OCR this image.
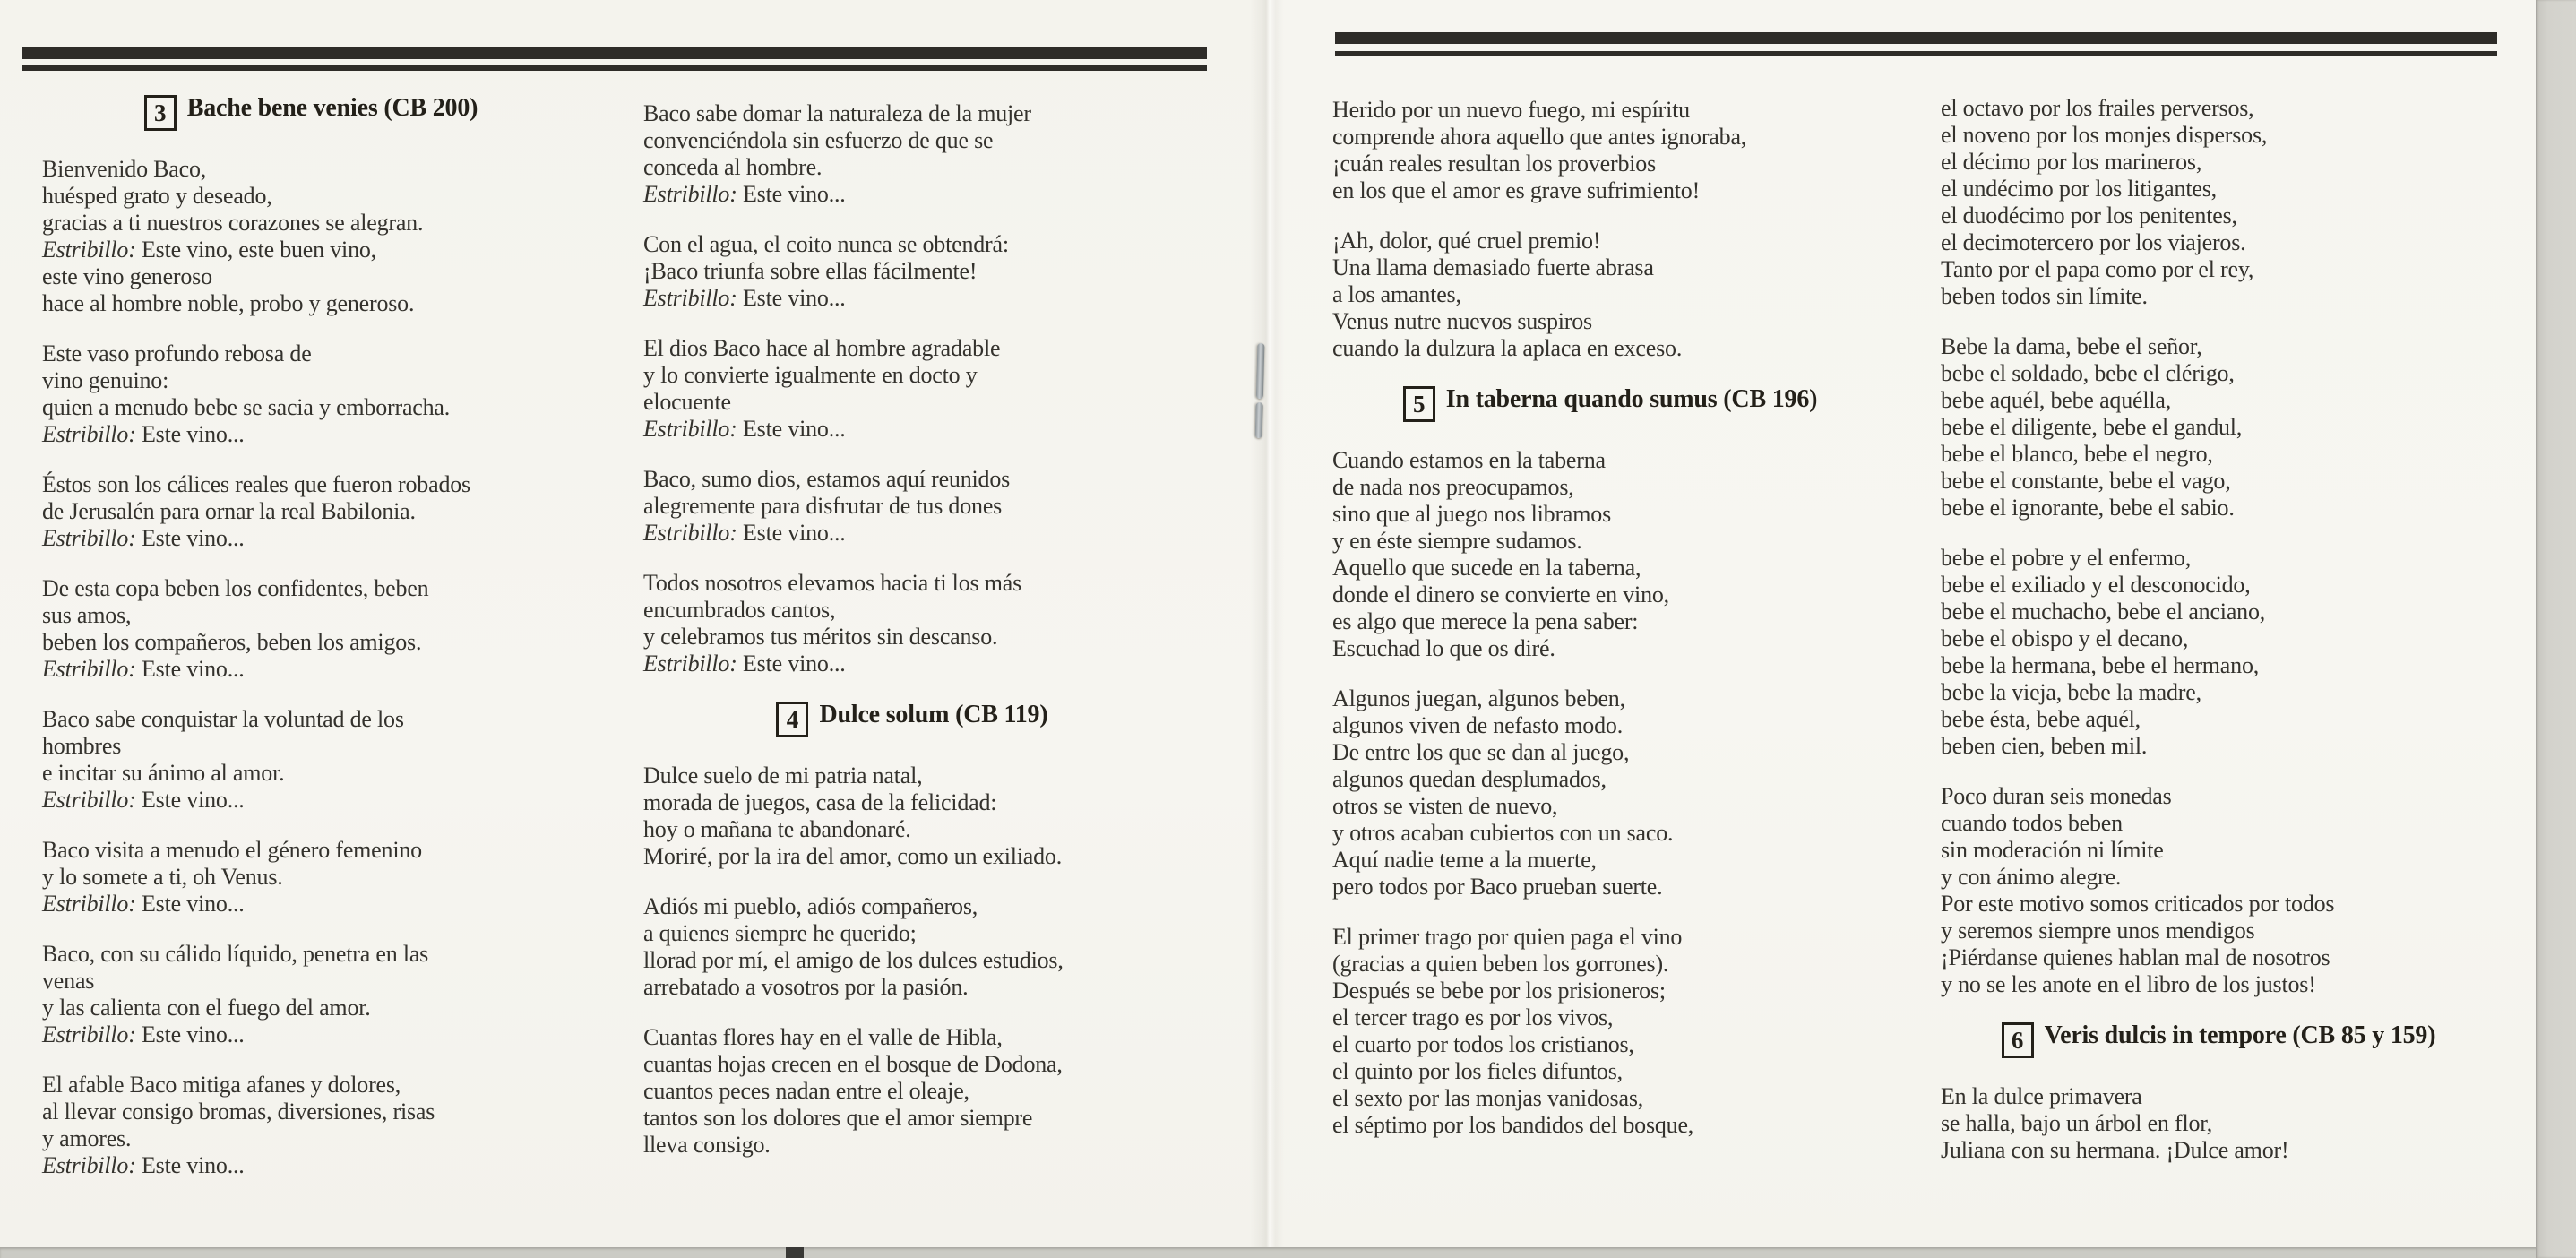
3 Bache bene venies (CB 200)
Bienvenido Baco,
huésped grato y deseado,
gracias a ti nuestros corazones se alegran.
Estribillo: Este vino, este buen vino,
este vino generoso
hace al hombre noble, probo y generoso.
Este vaso profundo rebosa de
vino genuino:
quien a menudo bebe se sacia y emborracha.
Estribillo: Este vino...
Éstos son los cálices reales que fueron robados
de Jerusalén para ornar la real Babilonia.
Estribillo: Este vino...
De esta copa beben los confidentes, beben
sus amos,
beben los compañeros, beben los amigos.
Estribillo: Este vino...
Baco sabe conquistar la voluntad de los
hombres
e incitar su ánimo al amor.
Estribillo: Este vino...
Baco visita a menudo el género femenino
y lo somete a ti, oh Venus.
Estribillo: Este vino...
Baco, con su cálido líquido, penetra en las
venas
y las calienta con el fuego del amor.
Estribillo: Este vino...
El afable Baco mitiga afanes y dolores,
al llevar consigo bromas, diversiones, risas
y amores.
Estribillo: Este vino...
Baco sabe domar la naturaleza de la mujer
convenciéndola sin esfuerzo de que se
conceda al hombre.
Estribillo: Este vino...
Con el agua, el coito nunca se obtendrá:
¡Baco triunfa sobre ellas fácilmente!
Estribillo: Este vino...
El dios Baco hace al hombre agradable
y lo convierte igualmente en docto y
elocuente
Estribillo: Este vino...
Baco, sumo dios, estamos aquí reunidos
alegremente para disfrutar de tus dones
Estribillo: Este vino...
Todos nosotros elevamos hacia ti los más
encumbrados cantos,
y celebramos tus méritos sin descanso.
Estribillo: Este vino...
4 Dulce solum (CB 119)
Dulce suelo de mi patria natal,
morada de juegos, casa de la felicidad:
hoy o mañana te abandonaré.
Moriré, por la ira del amor, como un exiliado.
Adiós mi pueblo, adiós compañeros,
a quienes siempre he querido;
llorad por mí, el amigo de los dulces estudios,
arrebatado a vosotros por la pasión.
Cuantas flores hay en el valle de Hibla,
cuantas hojas crecen en el bosque de Dodona,
cuantos peces nadan entre el oleaje,
tantos son los dolores que el amor siempre
lleva consigo.
Herido por un nuevo fuego, mi espíritu
comprende ahora aquello que antes ignoraba,
¡cuán reales resultan los proverbios
en los que el amor es grave sufrimiento!
¡Ah, dolor, qué cruel premio!
Una llama demasiado fuerte abrasa
a los amantes,
Venus nutre nuevos suspiros
cuando la dulzura la aplaca en exceso.
5 In taberna quando sumus (CB 196)
Cuando estamos en la taberna
de nada nos preocupamos,
sino que al juego nos libramos
y en éste siempre sudamos.
Aquello que sucede en la taberna,
donde el dinero se convierte en vino,
es algo que merece la pena saber:
Escuchad lo que os diré.
Algunos juegan, algunos beben,
algunos viven de nefasto modo.
De entre los que se dan al juego,
algunos quedan desplumados,
otros se visten de nuevo,
y otros acaban cubiertos con un saco.
Aquí nadie teme a la muerte,
pero todos por Baco prueban suerte.
El primer trago por quien paga el vino
(gracias a quien beben los gorrones).
Después se bebe por los prisioneros;
el tercer trago es por los vivos,
el cuarto por todos los cristianos,
el quinto por los fieles difuntos,
el sexto por las monjas vanidosas,
el séptimo por los bandidos del bosque,
el octavo por los frailes perversos,
el noveno por los monjes dispersos,
el décimo por los marineros,
el undécimo por los litigantes,
el duodécimo por los penitentes,
el decimotercero por los viajeros.
Tanto por el papa como por el rey,
beben todos sin límite.
Bebe la dama, bebe el señor,
bebe el soldado, bebe el clérigo,
bebe aquél, bebe aquélla,
bebe el diligente, bebe el gandul,
bebe el blanco, bebe el negro,
bebe el constante, bebe el vago,
bebe el ignorante, bebe el sabio.
bebe el pobre y el enfermo,
bebe el exiliado y el desconocido,
bebe el muchacho, bebe el anciano,
bebe el obispo y el decano,
bebe la hermana, bebe el hermano,
bebe la vieja, bebe la madre,
bebe ésta, bebe aquél,
beben cien, beben mil.
Poco duran seis monedas
cuando todos beben
sin moderación ni límite
y con ánimo alegre.
Por este motivo somos criticados por todos
y seremos siempre unos mendigos
¡Piérdanse quienes hablan mal de nosotros
y no se les anote en el libro de los justos!
6 Veris dulcis in tempore (CB 85 y 159)
En la dulce primavera
se halla, bajo un árbol en flor,
Juliana con su hermana. ¡Dulce amor!
